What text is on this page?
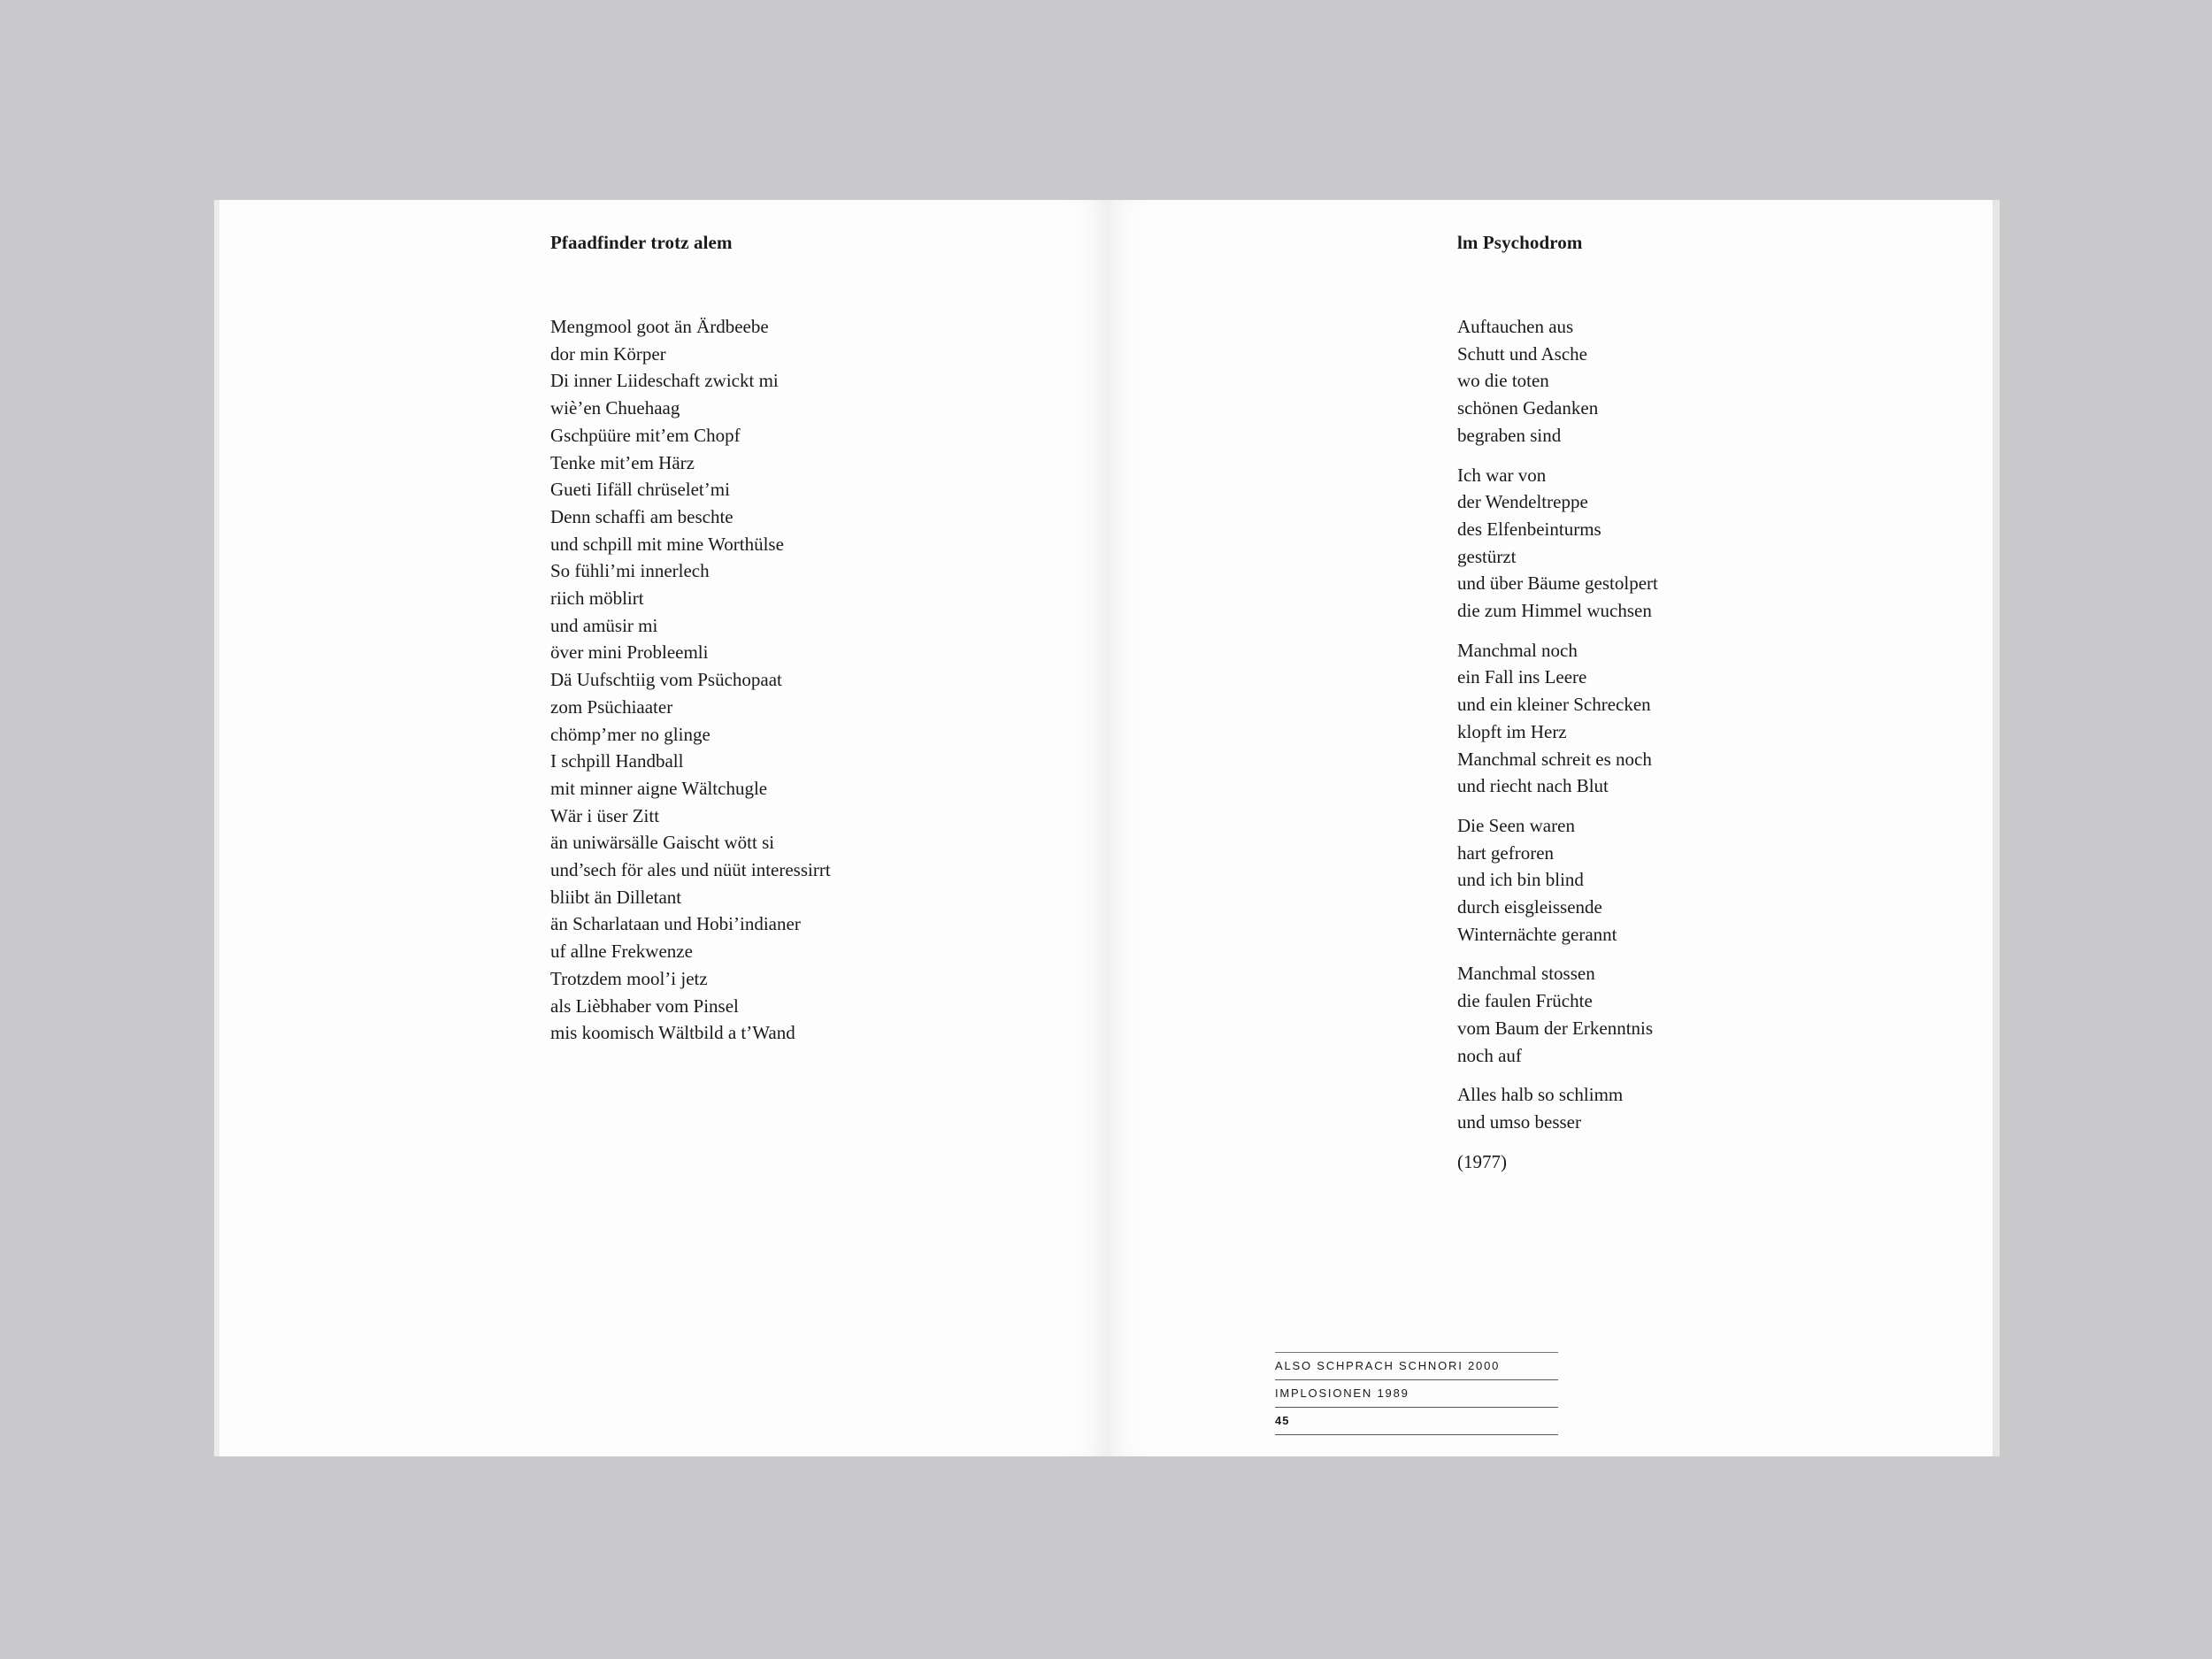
Pfaadfinder trotz alem
Mengmool goot än Ärdbeebe
dor min Körper
Di inner Liideschaft zwickt mi
wiè’en Chuehaag
Gschpüüre mit’em Chopf
Tenke mit’em Härz
Gueti Iifäll chrüselet’mi
Denn schaffi am beschte
und schpill mit mine Worthülse
So fühli’mi innerlech
riich möblirt
und amüsir mi
över mini Probleemli
Dä Uufschtiig vom Psüchopaat
zom Psüchiaater
chömp’mer no glinge
I schpill Handball
mit minner aigne Wältchugle
Wär i üser Zitt
än uniwärsälle Gaischt wött si
und’sech för ales und nüüt interessirrt
bliibt än Dilletant
än Scharlataan und Hobi’indianer
uf allne Frekwenze
Trotzdem mool’i jetz
als Lièbhaber vom Pinsel
mis koomisch Wältbild a t’Wand
lm Psychodrom
Auftauchen aus
Schutt und Asche
wo die toten
schönen Gedanken
begraben sind
Ich war von
der Wendeltreppe
des Elfenbeinturms
gestürzt
und über Bäume gestolpert
die zum Himmel wuchsen
Manchmal noch
ein Fall ins Leere
und ein kleiner Schrecken
klopft im Herz
Manchmal schreit es noch
und riecht nach Blut
Die Seen waren
hart gefroren
und ich bin blind
durch eisgleissende
Winternächte gerannt
Manchmal stossen
die faulen Früchte
vom Baum der Erkenntnis
noch auf
Alles halb so schlimm
und umso besser
(1977)
ALSO SCHPRACH SCHNORI 2000
IMPLOSIONEN 1989
45
